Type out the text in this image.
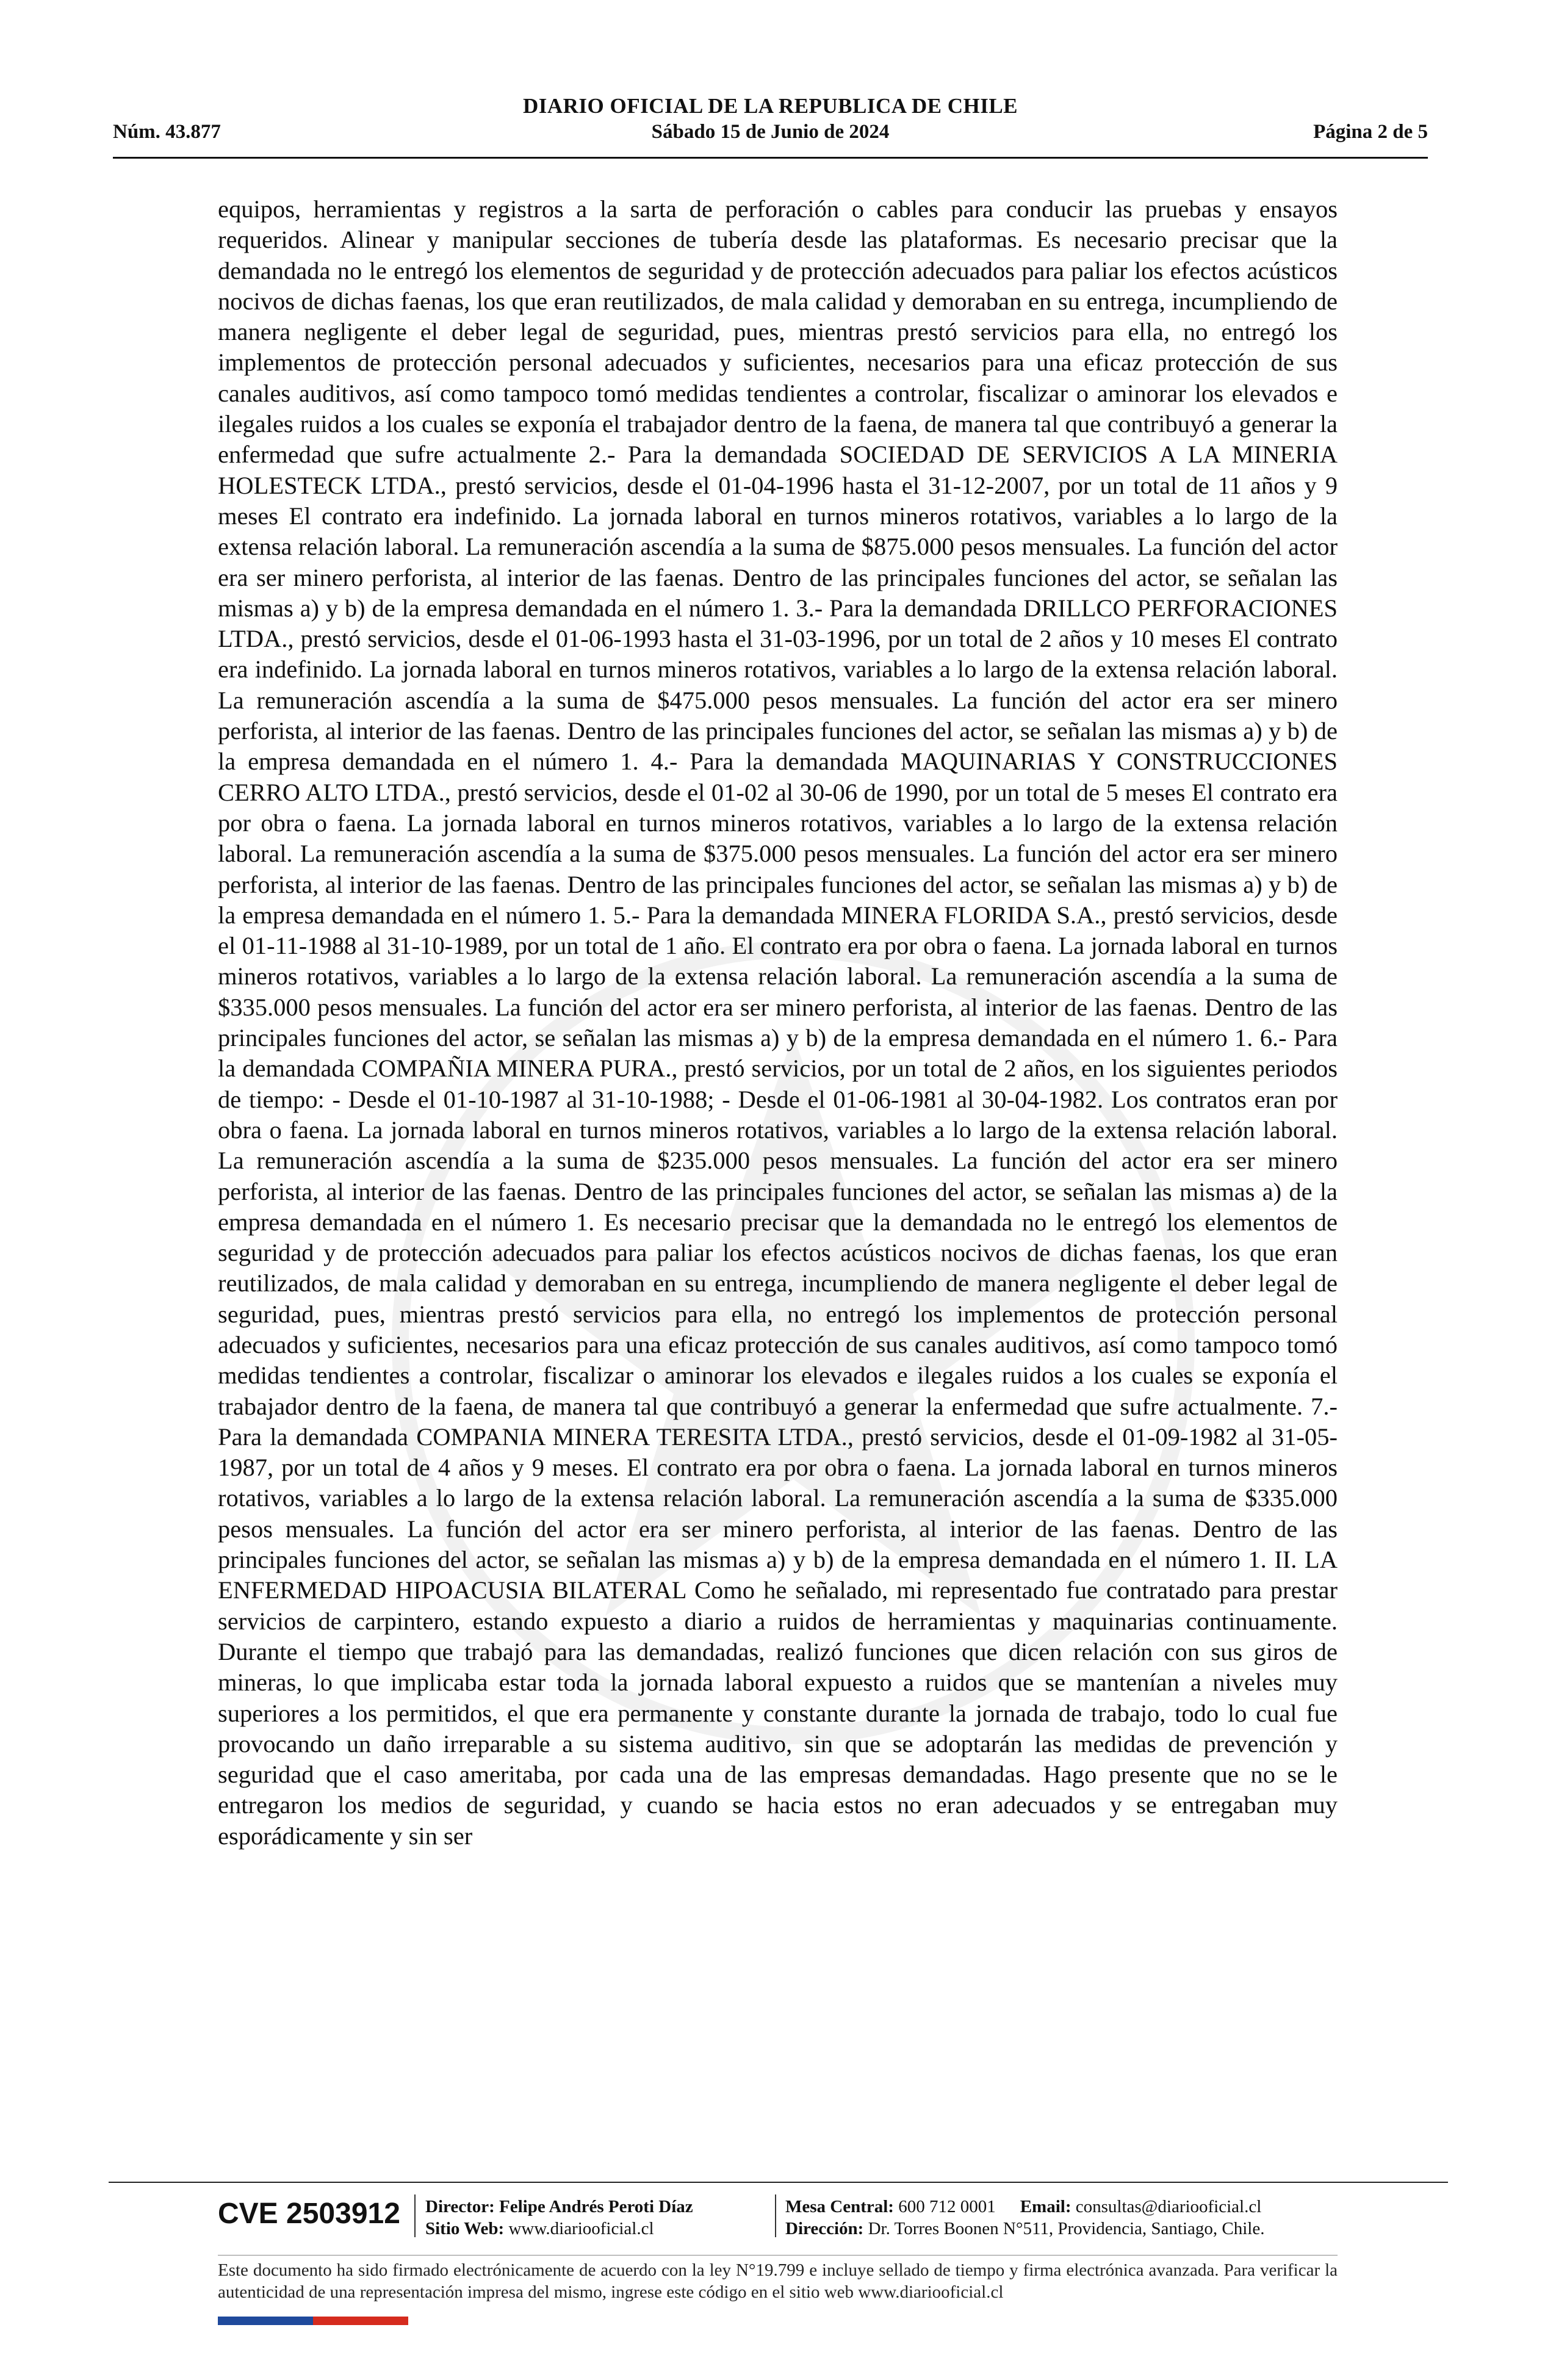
DIARIO OFICIAL DE LA REPUBLICA DE CHILE
Núm. 43.877	Sábado 15 de Junio de 2024	Página 2 de 5

equipos, herramientas y registros a la sarta de perforación o cables para conducir las pruebas y ensayos requeridos. Alinear y manipular secciones de tubería desde las plataformas. Es necesario precisar que la demandada no le entregó los elementos de seguridad y de protección adecuados para paliar los efectos acústicos nocivos de dichas faenas, los que eran reutilizados, de mala calidad y demoraban en su entrega, incumpliendo de manera negligente el deber legal de seguridad, pues, mientras prestó servicios para ella, no entregó los implementos de protección personal adecuados y suficientes, necesarios para una eficaz protección de sus canales auditivos, así como tampoco tomó medidas tendientes a controlar, fiscalizar o aminorar los elevados e ilegales ruidos a los cuales se exponía el trabajador dentro de la faena, de manera tal que contribuyó a generar la enfermedad que sufre actualmente 2.- Para la demandada SOCIEDAD DE SERVICIOS A LA MINERIA HOLESTECK LTDA., prestó servicios, desde el 01-04-1996 hasta el 31-12-2007, por un total de 11 años y 9 meses El contrato era indefinido. La jornada laboral en turnos mineros rotativos, variables a lo largo de la extensa relación laboral. La remuneración ascendía a la suma de $875.000 pesos mensuales. La función del actor era ser minero perforista, al interior de las faenas. Dentro de las principales funciones del actor, se señalan las mismas a) y b) de la empresa demandada en el número 1. 3.- Para la demandada DRILLCO PERFORACIONES LTDA., prestó servicios, desde el 01-06-1993 hasta el 31-03-1996, por un total de 2 años y 10 meses El contrato era indefinido. La jornada laboral en turnos mineros rotativos, variables a lo largo de la extensa relación laboral. La remuneración ascendía a la suma de $475.000 pesos mensuales. La función del actor era ser minero perforista, al interior de las faenas. Dentro de las principales funciones del actor, se señalan las mismas a) y b) de la empresa demandada en el número 1. 4.- Para la demandada MAQUINARIAS Y CONSTRUCCIONES CERRO ALTO LTDA., prestó servicios, desde el 01-02 al 30-06 de 1990, por un total de 5 meses El contrato era por obra o faena. La jornada laboral en turnos mineros rotativos, variables a lo largo de la extensa relación laboral. La remuneración ascendía a la suma de $375.000 pesos mensuales. La función del actor era ser minero perforista, al interior de las faenas. Dentro de las principales funciones del actor, se señalan las mismas a) y b) de la empresa demandada en el número 1. 5.- Para la demandada MINERA FLORIDA S.A., prestó servicios, desde el 01-11-1988 al 31-10-1989, por un total de 1 año. El contrato era por obra o faena. La jornada laboral en turnos mineros rotativos, variables a lo largo de la extensa relación laboral. La remuneración ascendía a la suma de $335.000 pesos mensuales. La función del actor era ser minero perforista, al interior de las faenas. Dentro de las principales funciones del actor, se señalan las mismas a) y b) de la empresa demandada en el número 1. 6.- Para la demandada COMPAÑIA MINERA PURA., prestó servicios, por un total de 2 años, en los siguientes periodos de tiempo: - Desde el 01-10-1987 al 31-10-1988; - Desde el 01-06-1981 al 30-04-1982. Los contratos eran por obra o faena. La jornada laboral en turnos mineros rotativos, variables a lo largo de la extensa relación laboral. La remuneración ascendía a la suma de $235.000 pesos mensuales. La función del actor era ser minero perforista, al interior de las faenas. Dentro de las principales funciones del actor, se señalan las mismas a) de la empresa demandada en el número 1. Es necesario precisar que la demandada no le entregó los elementos de seguridad y de protección adecuados para paliar los efectos acústicos nocivos de dichas faenas, los que eran reutilizados, de mala calidad y demoraban en su entrega, incumpliendo de manera negligente el deber legal de seguridad, pues, mientras prestó servicios para ella, no entregó los implementos de protección personal adecuados y suficientes, necesarios para una eficaz protección de sus canales auditivos, así como tampoco tomó medidas tendientes a controlar, fiscalizar o aminorar los elevados e ilegales ruidos a los cuales se exponía el trabajador dentro de la faena, de manera tal que contribuyó a generar la enfermedad que sufre actualmente. 7.- Para la demandada COMPANIA MINERA TERESITA LTDA., prestó servicios, desde el 01-09-1982 al 31-05-1987, por un total de 4 años y 9 meses. El contrato era por obra o faena. La jornada laboral en turnos mineros rotativos, variables a lo largo de la extensa relación laboral. La remuneración ascendía a la suma de $335.000 pesos mensuales. La función del actor era ser minero perforista, al interior de las faenas. Dentro de las principales funciones del actor, se señalan las mismas a) y b) de la empresa demandada en el número 1. II. LA ENFERMEDAD HIPOACUSIA BILATERAL Como he señalado, mi representado fue contratado para prestar servicios de carpintero, estando expuesto a diario a ruidos de herramientas y maquinarias continuamente. Durante el tiempo que trabajó para las demandadas, realizó funciones que dicen relación con sus giros de mineras, lo que implicaba estar toda la jornada laboral expuesto a ruidos que se mantenían a niveles muy superiores a los permitidos, el que era permanente y constante durante la jornada de trabajo, todo lo cual fue provocando un daño irreparable a su sistema auditivo, sin que se adoptarán las medidas de prevención y seguridad que el caso ameritaba, por cada una de las empresas demandadas. Hago presente que no se le entregaron los medios de seguridad, y cuando se hacia estos no eran adecuados y se entregaban muy esporádicamente y sin ser

CVE 2503912 Director: Felipe Andrés Peroti Díaz
Sitio Web: www.diariooficial.cl
Mesa Central: 600 712 0001 Email: consultas@diariooficial.cl
Dirección: Dr. Torres Boonen N°511, Providencia, Santiago, Chile.
Este documento ha sido firmado electrónicamente de acuerdo con la ley N°19.799 e incluye sellado de tiempo y firma electrónica avanzada. Para verificar la autenticidad de una representación impresa del mismo, ingrese este código en el sitio web www.diariooficial.cl
